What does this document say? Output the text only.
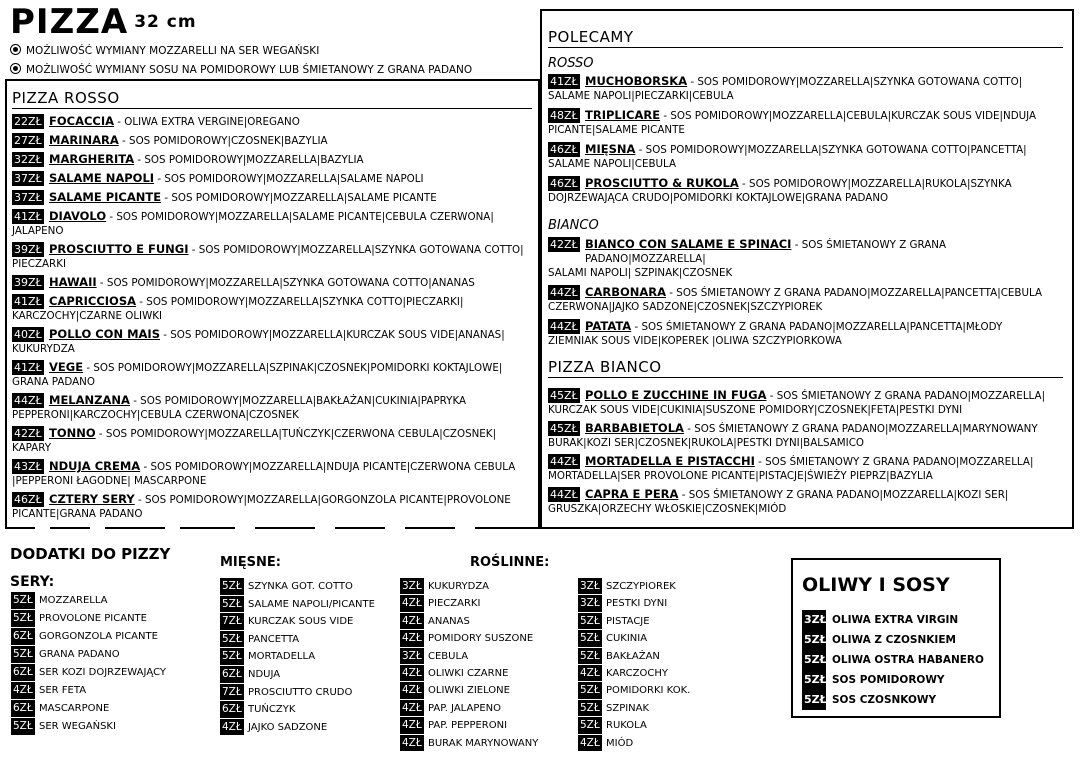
PIZZA 32 cm
MOŻLIWOŚĆ WYMIANY MOZZARELLI NA SER WEGAŃSKI
MOŻLIWOŚĆ WYMIANY SOSU NA POMIDOROWY LUB ŚMIETANOWY Z GRANA PADANO
PIZZA ROSSO
22ZŁ FOCACCIA - OLIWA EXTRA VERGINE|OREGANO
27ZŁ MARINARA - SOS POMIDOROWY|CZOSNEK|BAZYLIA
32ZŁ MARGHERITA - SOS POMIDOROWY|MOZZARELLA|BAZYLIA
37ZŁ SALAME NAPOLI - SOS POMIDOROWY|MOZZARELLA|SALAME NAPOLI
37ZŁ SALAME PICANTE - SOS POMIDOROWY|MOZZARELLA|SALAME PICANTE
41ZŁ DIAVOLO - SOS POMIDOROWY|MOZZARELLA|SALAME PICANTE|CEBULA CZERWONA|
JALAPENO
39ZŁ PROSCIUTTO E FUNGI - SOS POMIDOROWY|MOZZARELLA|SZYNKA GOTOWANA COTTO|
PIECZARKI
39ZŁ HAWAII - SOS POMIDOROWY|MOZZARELLA|SZYNKA GOTOWANA COTTO|ANANAS
41ZŁ CAPRICCIOSA - SOS POMIDOROWY|MOZZARELLA|SZYNKA COTTO|PIECZARKI|
KARCZOCHY|CZARNE OLIWKI
40ZŁ POLLO CON MAIS - SOS POMIDOROWY|MOZZARELLA|KURCZAK SOUS VIDE|ANANAS|
KUKURYDZA
41ZŁ VEGE - SOS POMIDOROWY|MOZZARELLA|SZPINAK|CZOSNEK|POMIDORKI KOKTAJLOWE|
GRANA PADANO
44ZŁ MELANZANA - SOS POMIDOROWY|MOZZARELLA|BAKŁAŻAN|CUKINIA|PAPRYKA
PEPPERONI|KARCZOCHY|CEBULA CZERWONA|CZOSNEK
42ZŁ TONNO - SOS POMIDOROWY|MOZZARELLA|TUŃCZYK|CZERWONA CEBULA|CZOSNEK|
KAPARY
43ZŁ NDUJA CREMA - SOS POMIDOROWY|MOZZARELLA|NDUJA PICANTE|CZERWONA CEBULA
|PEPPERONI ŁAGODNE| MASCARPONE
46ZŁ CZTERY SERY - SOS POMIDOROWY|MOZZARELLA|GORGONZOLA PICANTE|PROVOLONE
PICANTE|GRANA PADANO
POLECAMY
ROSSO
41ZŁ MUCHOBORSKA - SOS POMIDOROWY|MOZZARELLA|SZYNKA GOTOWANA COTTO|
SALAME NAPOLI|PIECZARKI|CEBULA
48ZŁ TRIPLICARE - SOS POMIDOROWY|MOZZARELLA|CEBULA|KURCZAK SOUS VIDE|NDUJA
PICANTE|SALAME PICANTE
46ZŁ MIĘSNA - SOS POMIDOROWY|MOZZARELLA|SZYNKA GOTOWANA COTTO|PANCETTA|
SALAME NAPOLI|CEBULA
46ZŁ PROSCIUTTO & RUKOLA - SOS POMIDOROWY|MOZZARELLA|RUKOLA|SZYNKA
DOJRZEWAJĄCA CRUDO|POMIDORKI KOKTAJLOWE|GRANA PADANO
BIANCO
42ZŁ BIANCO CON SALAME E SPINACI - SOS ŚMIETANOWY Z GRANA PADANO|MOZZARELLA|
SALAMI NAPOLI| SZPINAK|CZOSNEK
44ZŁ CARBONARA - SOS ŚMIETANOWY Z GRANA PADANO|MOZZARELLA|PANCETTA|CEBULA
CZERWONA|JAJKO SADZONE|CZOSNEK|SZCZYPIOREK
44ZŁ PATATA - SOS ŚMIETANOWY Z GRANA PADANO|MOZZARELLA|PANCETTA|MŁODY
ZIEMNIAK SOUS VIDE|KOPEREK |OLIWA SZCZYPIORKOWA
PIZZA BIANCO
45ZŁ POLLO E ZUCCHINE IN FUGA - SOS ŚMIETANOWY Z GRANA PADANO|MOZZARELLA|
KURCZAK SOUS VIDE|CUKINIA|SUSZONE POMIDORY|CZOSNEK|FETA|PESTKI DYNI
45ZŁ BARBABIETOLA - SOS ŚMIETANOWY Z GRANA PADANO|MOZZARELLA|MARYNOWANY
BURAK|KOZI SER|CZOSNEK|RUKOLA|PESTKI DYNI|BALSAMICO
44ZŁ MORTADELLA E PISTACCHI - SOS ŚMIETANOWY Z GRANA PADANO|MOZZARELLA|
MORTADELLA|SER PROVOLONE PICANTE|PISTACJE|ŚWIEŻY PIEPRZ|BAZYLIA
44ZŁ CAPRA E PERA - SOS ŚMIETANOWY Z GRANA PADANO|MOZZARELLA|KOZI SER|
GRUSZKA|ORZECHY WŁOSKIE|CZOSNEK|MIÓD
DODATKI DO PIZZY
SERY:
5ZŁ MOZZARELLA
5ZŁ PROVOLONE PICANTE
6ZŁ GORGONZOLA PICANTE
5ZŁ GRANA PADANO
6ZŁ SER KOZI DOJRZEWAJĄCY
4ZŁ SER FETA
6ZŁ MASCARPONE
5ZŁ SER WEGAŃSKI
MIĘSNE:
5ZŁ SZYNKA GOT. COTTO
5ZŁ SALAME NAPOLI/PICANTE
7ZŁ KURCZAK SOUS VIDE
5ZŁ PANCETTA
5ZŁ MORTADELLA
6ZŁ NDUJA
7ZŁ PROSCIUTTO CRUDO
6ZŁ TUŃCZYK
4ZŁ JAJKO SADZONE
ROŚLINNE:
3ZŁ KUKURYDZA
4ZŁ PIECZARKI
4ZŁ ANANAS
4ZŁ POMIDORY SUSZONE
3ZŁ CEBULA
4ZŁ OLIWKI CZARNE
4ZŁ OLIWKI ZIELONE
4ZŁ PAP. JALAPENO
4ZŁ PAP. PEPPERONI
4ZŁ BURAK MARYNOWANY
3ZŁ SZCZYPIOREK
3ZŁ PESTKI DYNI
5ZŁ PISTACJE
5ZŁ CUKINIA
5ZŁ BAKŁAŻAN
4ZŁ KARCZOCHY
5ZŁ POMIDORKI KOK.
5ZŁ SZPINAK
5ZŁ RUKOLA
4ZŁ MIÓD
OLIWY I SOSY
3ZŁ OLIWA EXTRA VIRGIN
5ZŁ OLIWA Z CZOSNKIEM
5ZŁ OLIWA OSTRA HABANERO
5ZŁ SOS POMIDOROWY
5ZŁ SOS CZOSNKOWY
